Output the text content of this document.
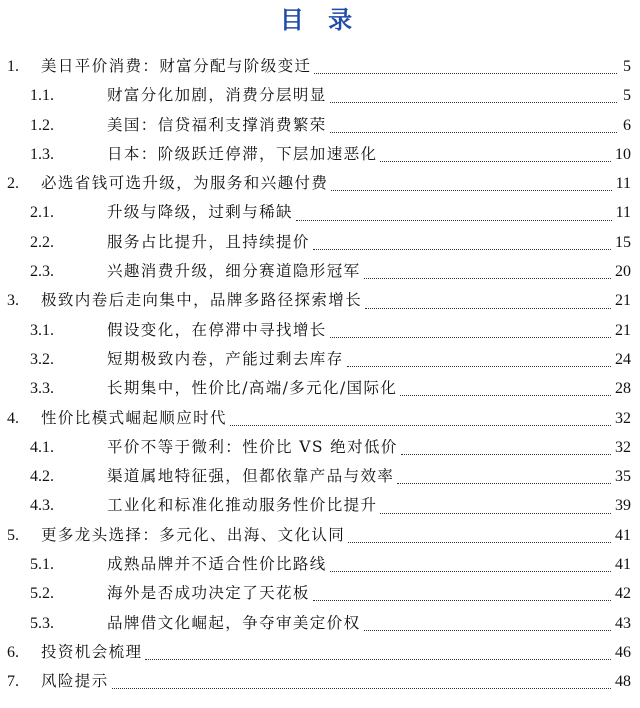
目 录
1.	美日平价消费：财富分配与阶级变迁	5
1.1.	财富分化加剧，消费分层明显	5
1.2.	美国：信贷福利支撑消费繁荣	6
1.3.	日本：阶级跃迁停滞，下层加速恶化	10
2.	必选省钱可选升级，为服务和兴趣付费	11
2.1.	升级与降级，过剩与稀缺	11
2.2.	服务占比提升，且持续提价	15
2.3.	兴趣消费升级，细分赛道隐形冠军	20
3.	极致内卷后走向集中，品牌多路径探索增长	21
3.1.	假设变化，在停滞中寻找增长	21
3.2.	短期极致内卷，产能过剩去库存	24
3.3.	长期集中，性价比/高端/多元化/国际化	28
4.	性价比模式崛起顺应时代	32
4.1.	平价不等于微利：性价比 VS 绝对低价	32
4.2.	渠道属地特征强，但都依靠产品与效率	35
4.3.	工业化和标准化推动服务性价比提升	39
5.	更多龙头选择：多元化、出海、文化认同	41
5.1.	成熟品牌并不适合性价比路线	41
5.2.	海外是否成功决定了天花板	42
5.3.	品牌借文化崛起，争夺审美定价权	43
6.	投资机会梳理	46
7.	风险提示	48
